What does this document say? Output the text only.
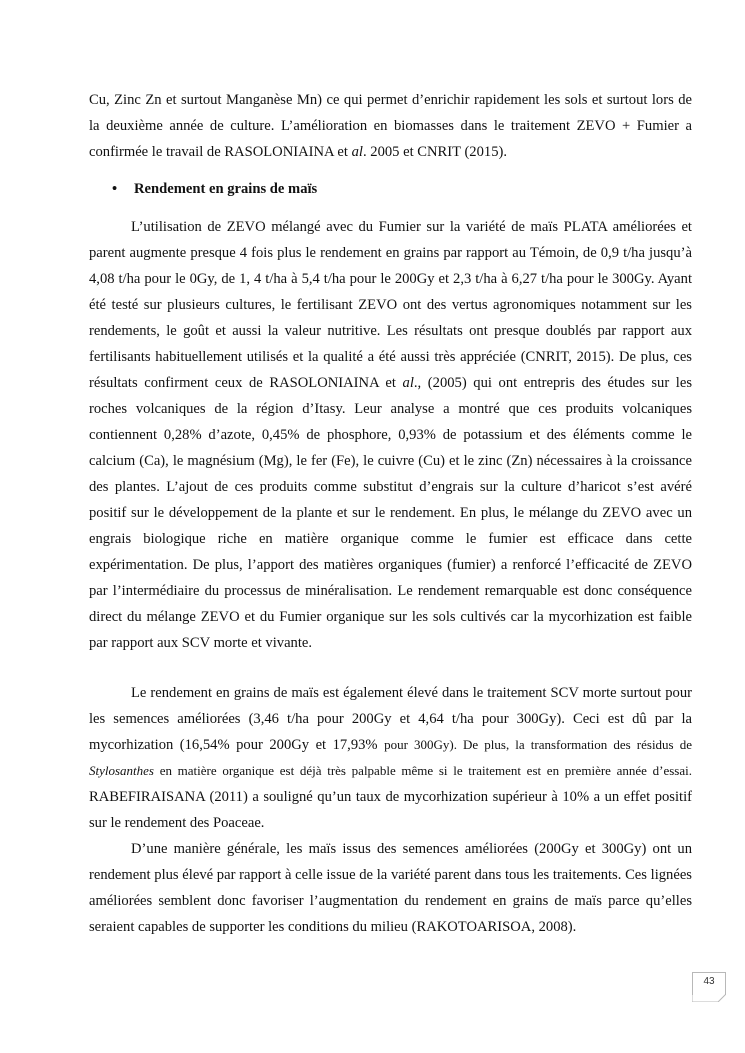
Cu, Zinc Zn et surtout Manganèse Mn) ce qui permet d’enrichir rapidement les sols et surtout lors de la deuxième année de culture. L’amélioration en biomasses dans le traitement ZEVO + Fumier a confirmée le travail de RASOLONIAINA et al. 2005 et CNRIT (2015).

• Rendement en grains de maïs

L’utilisation de ZEVO mélangé avec du Fumier sur la variété de maïs PLATA améliorées et parent augmente presque 4 fois plus le rendement en grains par rapport au Témoin, de 0,9 t/ha jusqu’à 4,08 t/ha pour le 0Gy, de 1, 4 t/ha à 5,4 t/ha pour le 200Gy et 2,3 t/ha à 6,27 t/ha pour le 300Gy. Ayant été testé sur plusieurs cultures, le fertilisant ZEVO ont des vertus agronomiques notamment sur les rendements, le goût et aussi la valeur nutritive. Les résultats ont presque doublés par rapport aux fertilisants habituellement utilisés et la qualité a été aussi très appréciée (CNRIT, 2015). De plus, ces résultats confirment ceux de RASOLONIAINA et al., (2005) qui ont entrepris des études sur les roches volcaniques de la région d’Itasy. Leur analyse a montré que ces produits volcaniques contiennent 0,28% d’azote, 0,45% de phosphore, 0,93% de potassium et des éléments comme le calcium (Ca), le magnésium (Mg), le fer (Fe), le cuivre (Cu) et le zinc (Zn) nécessaires à la croissance des plantes. L’ajout de ces produits comme substitut d’engrais sur la culture d’haricot s’est avéré positif sur le développement de la plante et sur le rendement. En plus, le mélange du ZEVO avec un engrais biologique riche en matière organique comme le fumier est efficace dans cette expérimentation. De plus, l’apport des matières organiques (fumier) a renforcé l’efficacité de ZEVO par l’intermédiaire du processus de minéralisation. Le rendement remarquable est donc conséquence direct du mélange ZEVO et du Fumier organique sur les sols cultivés car la mycorhization est faible par rapport aux SCV morte et vivante.

Le rendement en grains de maïs est également élevé dans le traitement SCV morte surtout pour les semences améliorées (3,46 t/ha pour 200Gy et 4,64 t/ha pour 300Gy). Ceci est dû par la mycorhization (16,54% pour 200Gy et 17,93% pour 300Gy). De plus, la transformation des résidus de Stylosanthes en matière organique est déjà très palpable même si le traitement est en première année d’essai. RABEFIRAISANA (2011) a souligné qu’un taux de mycorhization supérieur à 10% a un effet positif sur le rendement des Poaceae.

D’une manière générale, les maïs issus des semences améliorées (200Gy et 300Gy) ont un rendement plus élevé par rapport à celle issue de la variété parent dans tous les traitements. Ces lignées améliorées semblent donc favoriser l’augmentation du rendement en grains de maïs parce qu’elles seraient capables de supporter les conditions du milieu (RAKOTOARISOA, 2008).

43
